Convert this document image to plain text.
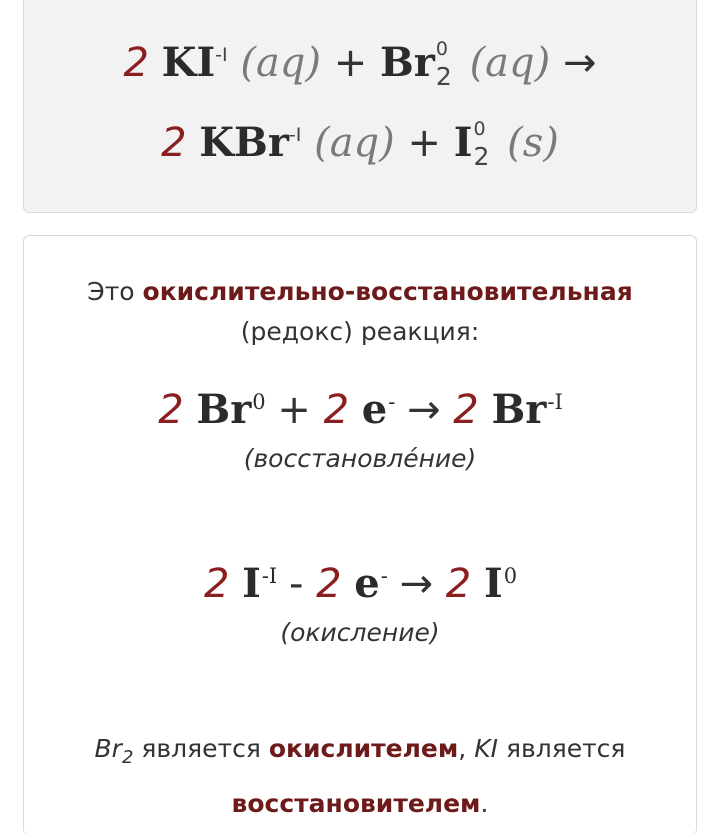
2 $KI^{-I}$ (aq) + Br 0
2 (aq) →
2 KBr$^{-I}$ (aq) + I 0
2 (s)
Это окислительно-восстановительная
(редокс) реакция:
2 $Br^0 + 2$ e- → 2 $Br^{-I}$
(восстановле́ние)
2 $I^{-I} - 2$ e- → 2 $I^0$
(окисление)
$Br_2$ является окислителем, KI является
восстановителем.
